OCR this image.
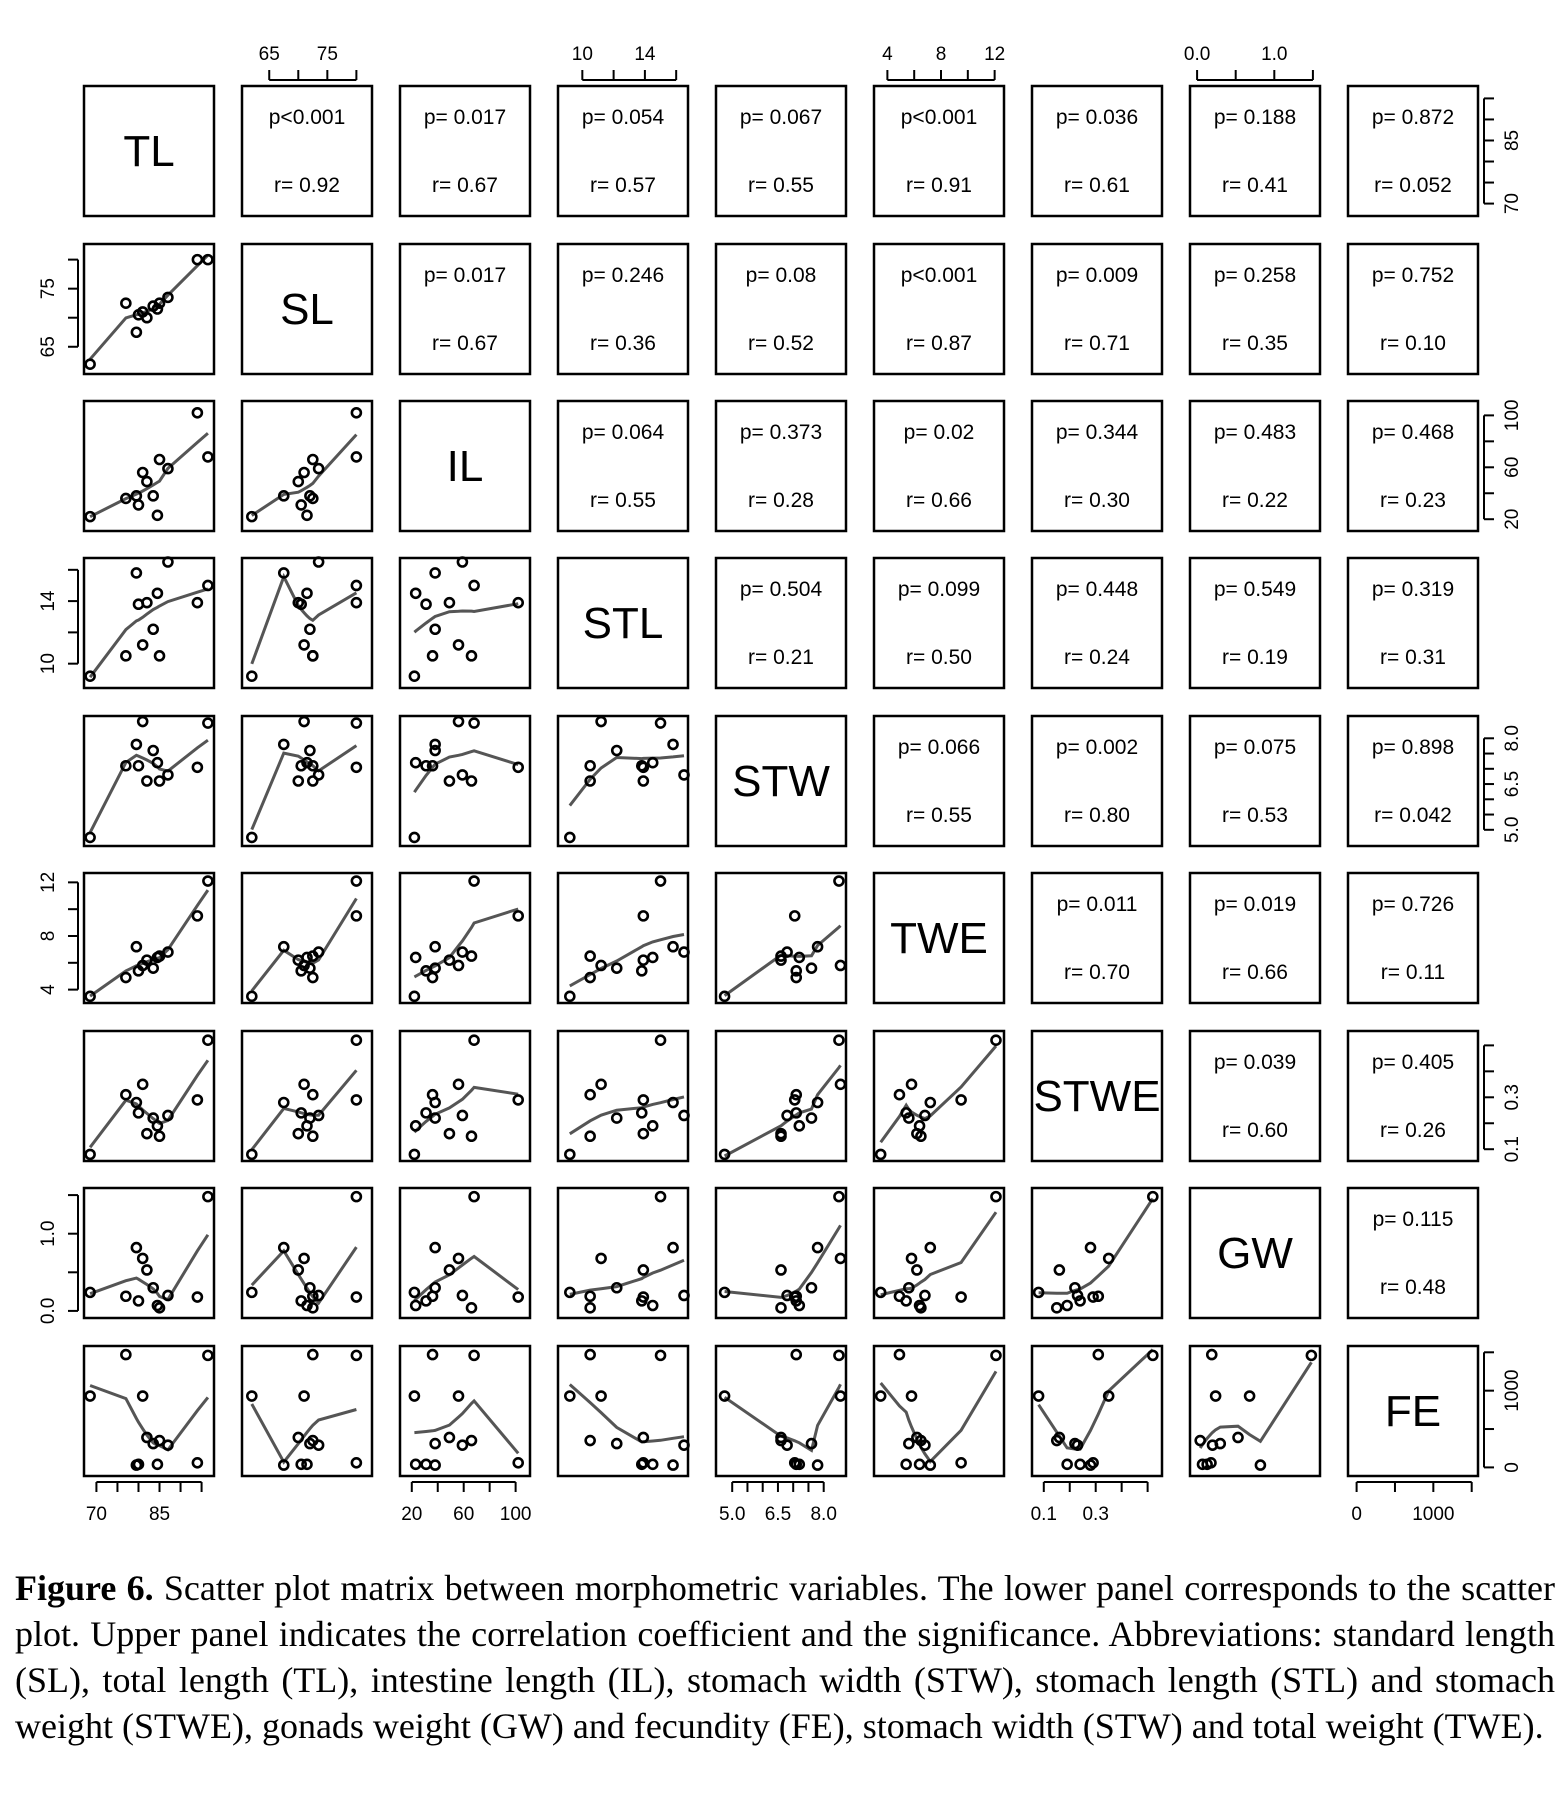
TL
p<0.001
r= 0.92
p= 0.017
r= 0.67
p= 0.054
r= 0.57
p= 0.067
r= 0.55
p<0.001
r= 0.91
p= 0.036
r= 0.61
p= 0.188
r= 0.41
p= 0.872
r= 0.052
SL
p= 0.017
r= 0.67
p= 0.246
r= 0.36
p= 0.08
r= 0.52
p<0.001
r= 0.87
p= 0.009
r= 0.71
p= 0.258
r= 0.35
p= 0.752
r= 0.10
IL
p= 0.064
r= 0.55
p= 0.373
r= 0.28
p= 0.02
r= 0.66
p= 0.344
r= 0.30
p= 0.483
r= 0.22
p= 0.468
r= 0.23
STL
p= 0.504
r= 0.21
p= 0.099
r= 0.50
p= 0.448
r= 0.24
p= 0.549
r= 0.19
p= 0.319
r= 0.31
STW
p= 0.066
r= 0.55
p= 0.002
r= 0.80
p= 0.075
r= 0.53
p= 0.898
r= 0.042
TWE
p= 0.011
r= 0.70
p= 0.019
r= 0.66
p= 0.726
r= 0.11
STWE
p= 0.039
r= 0.60
p= 0.405
r= 0.26
GW
p= 0.115
r= 0.48
FE
70 85
70
85
65 75
65
75
20 60 100
20
60
100
10 14
10
14
5.0 6.5 8.0
5.0
6.5
8.0
4 8 12
4
8
12
0.1 0.3
0.1
0.3
0.0	1.0
0.0
1.0
0	1000
0
1000
Figure 6. Scatter plot matrix between morphometric variables. The lower panel corresponds to the scatter plot. Upper panel indicates the correlation coefficient and the significance. Abbreviations: standard length (SL), total length (TL), intestine length (IL), stomach width (STW), stomach length (STL) and stomach weight (STWE), gonads weight (GW) and fecundity (FE), stomach width (STW) and total weight (TWE).
